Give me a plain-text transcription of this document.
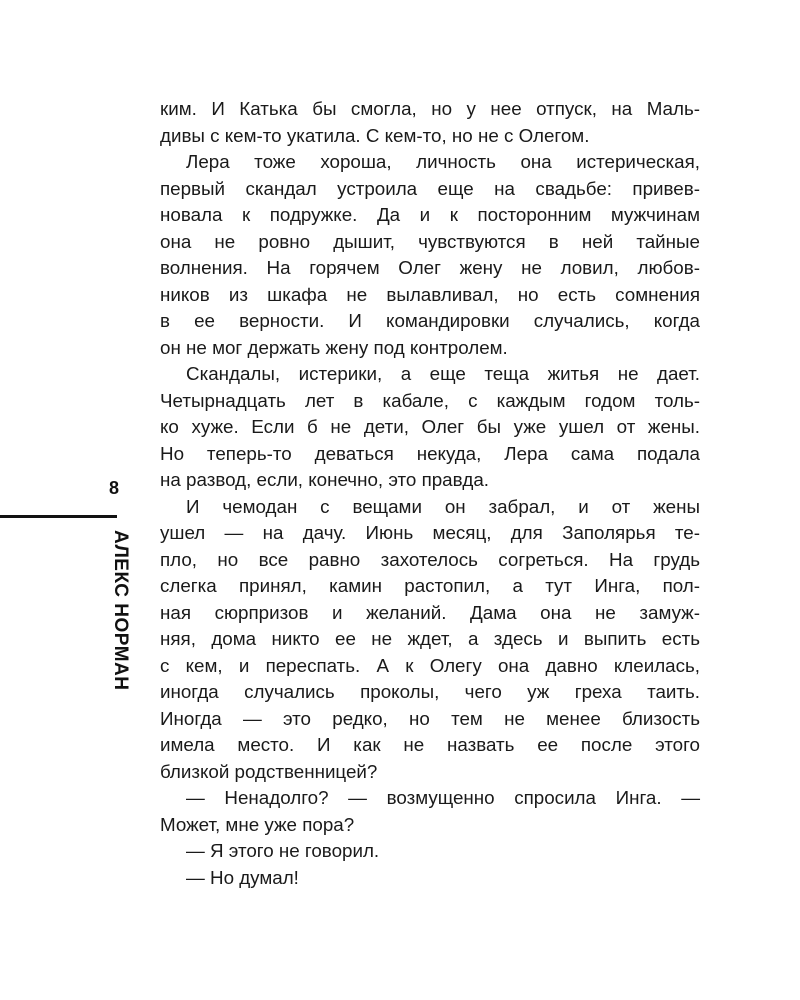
8
АЛЕКС НОРМАН
ким. И Катька бы смогла, но у нее отпуск, на Маль-
дивы с кем-то укатила. С кем-то, но не с Олегом.
Лера тоже хороша, личность она истерическая,
первый скандал устроила еще на свадьбе: привев-
новала к подружке. Да и к посторонним мужчинам
она не ровно дышит, чувствуются в ней тайные
волнения. На горячем Олег жену не ловил, любов-
ников из шкафа не вылавливал, но есть сомнения
в ее верности. И командировки случались, когда
он не мог держать жену под контролем.
Скандалы, истерики, а еще теща житья не дает.
Четырнадцать лет в кабале, с каждым годом толь-
ко хуже. Если б не дети, Олег бы уже ушел от жены.
Но теперь-то деваться некуда, Лера сама подала
на развод, если, конечно, это правда.
И чемодан с вещами он забрал, и от жены
ушел — на дачу. Июнь месяц, для Заполярья те-
пло, но все равно захотелось согреться. На грудь
слегка принял, камин растопил, а тут Инга, пол-
ная сюрпризов и желаний. Дама она не замуж-
няя, дома никто ее не ждет, а здесь и выпить есть
с кем, и переспать. А к Олегу она давно клеилась,
иногда случались проколы, чего уж греха таить.
Иногда — это редко, но тем не менее близость
имела место. И как не назвать ее после этого
близкой родственницей?
— Ненадолго? — возмущенно спросила Инга. —
Может, мне уже пора?
— Я этого не говорил.
— Но думал!
